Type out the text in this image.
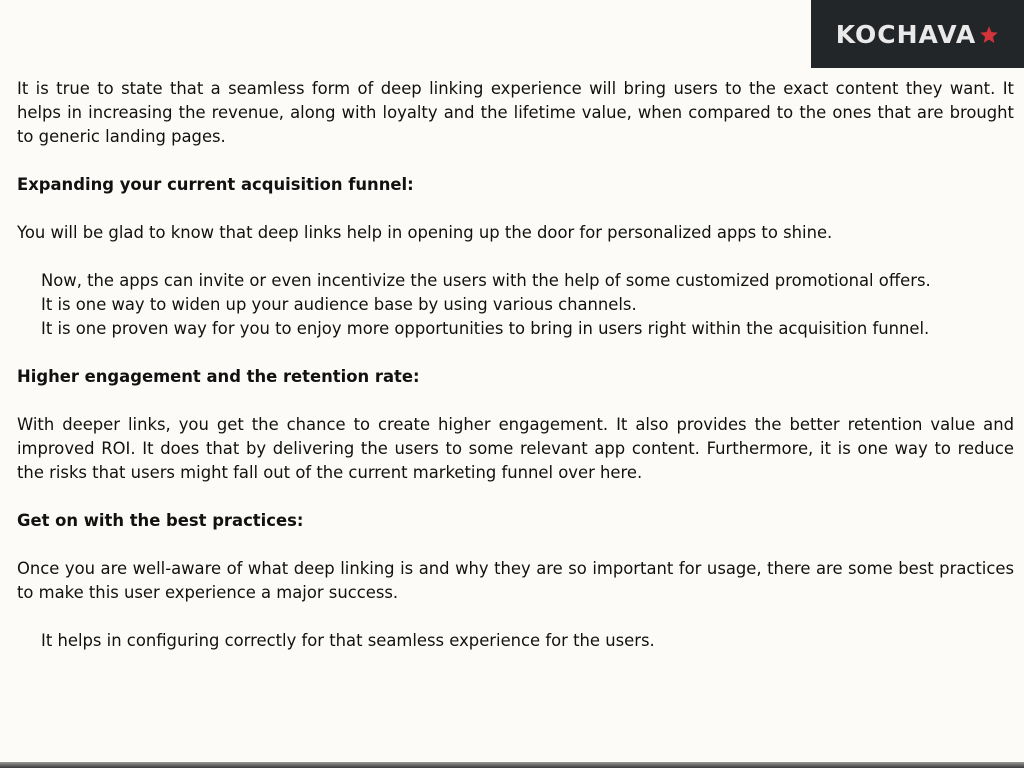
KOCHAVA

It is true to state that a seamless form of deep linking experience will bring users to the exact content they want. It helps in increasing the revenue, along with loyalty and the lifetime value, when compared to the ones that are brought to generic landing pages.

Expanding your current acquisition funnel:

You will be glad to know that deep links help in opening up the door for personalized apps to shine.

Now, the apps can invite or even incentivize the users with the help of some customized promotional offers.

It is one way to widen up your audience base by using various channels.

It is one proven way for you to enjoy more opportunities to bring in users right within the acquisition funnel.

Higher engagement and the retention rate:

With deeper links, you get the chance to create higher engagement. It also provides the better retention value and improved ROI. It does that by delivering the users to some relevant app content. Furthermore, it is one way to reduce the risks that users might fall out of the current marketing funnel over here.

Get on with the best practices:

Once you are well-aware of what deep linking is and why they are so important for usage, there are some best practices to make this user experience a major success.

It helps in configuring correctly for that seamless experience for the users.
